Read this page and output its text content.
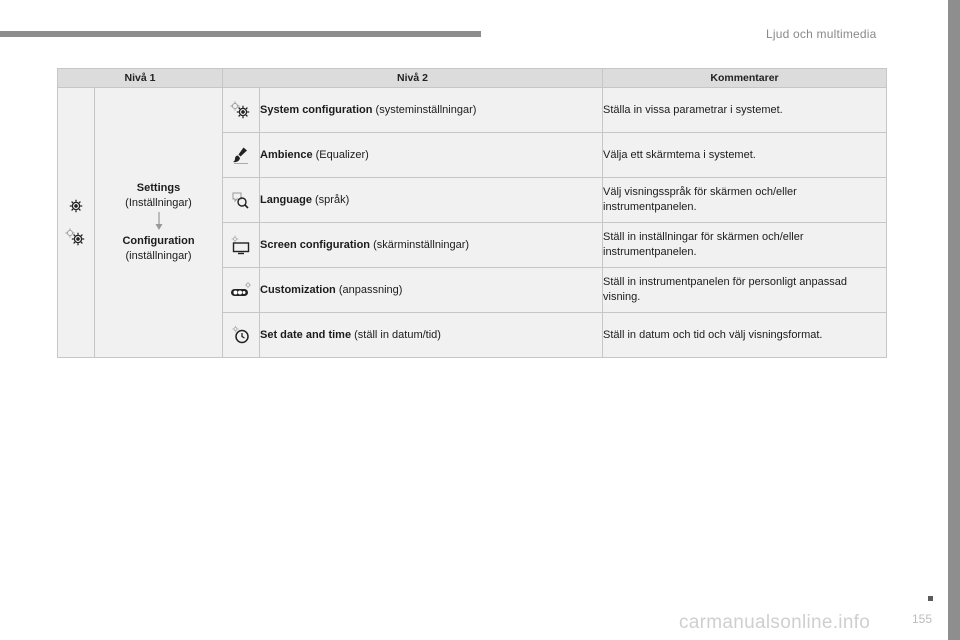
Ljud och multimedia
Nivå 1		Nivå 2		Kommentarer

Settings
(Inställningar)
Configuration
(inställningar)		System configuration (systeminställningar)	Ställa in vissa parametrar i systemet.
	Ambience (Equalizer)	Välja ett skärmtema i systemet.
	Language (språk)	Välj visningsspråk för skärmen och/eller instrumentpanelen.
	Screen configuration (skärminställningar)	Ställ in inställningar för skärmen och/eller instrumentpanelen.
	Customization (anpassning)	Ställ in instrumentpanelen för personligt anpassad visning.
	Set date and time (ställ in datum/tid)	Ställ in datum och tid och välj visningsformat.
155
carmanualsonline.info
